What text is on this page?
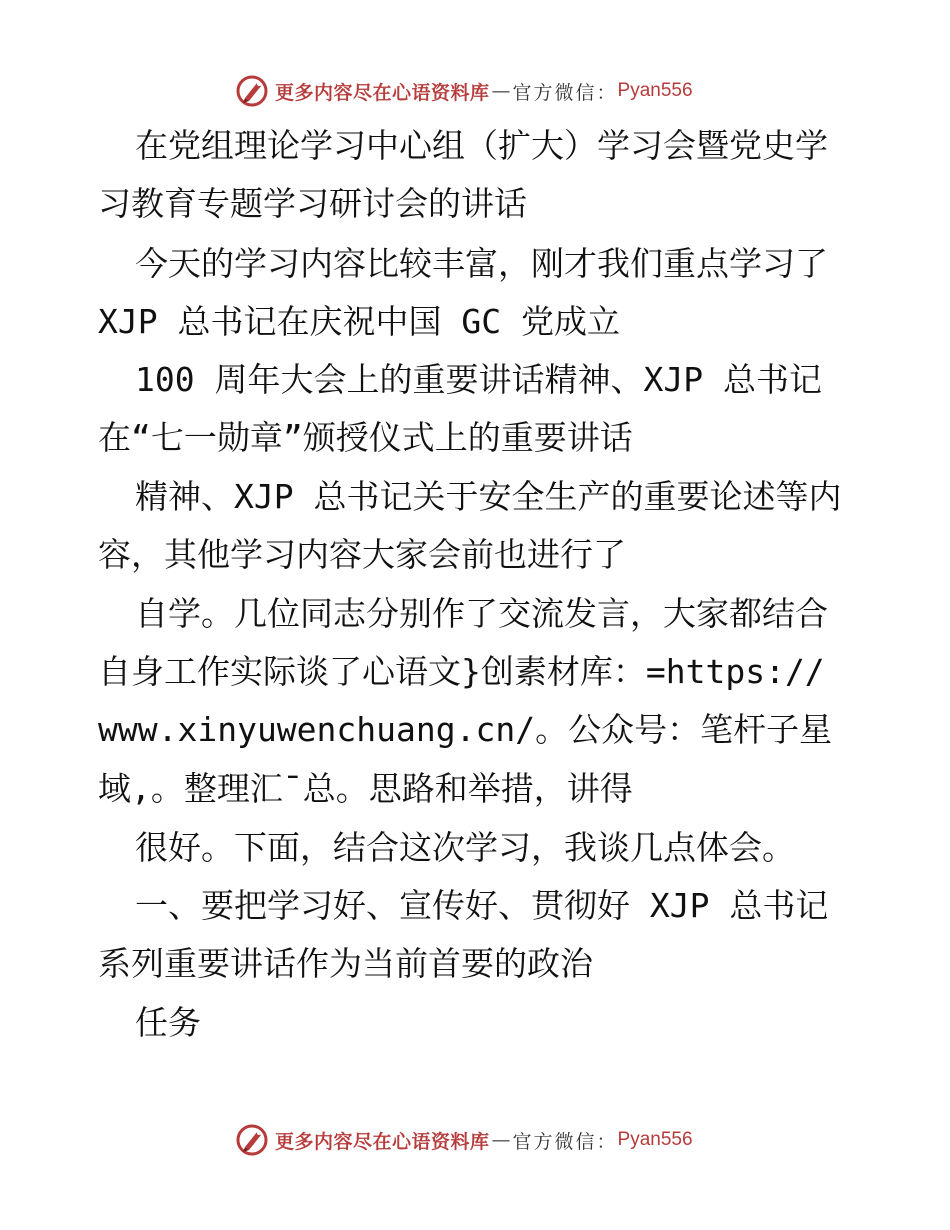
更多内容尽在心语资料库 — 官方微信： Pyan556
在党组理论学习中心组（扩大）学习会暨党史学
习教育专题学习研讨会的讲话
今天的学习内容比较丰富，刚才我们重点学习了
XJP 总书记在庆祝中国 GC 党成立
100 周年大会上的重要讲话精神、XJP 总书记
在“七一勋章”颁授仪式上的重要讲话
精神、XJP 总书记关于安全生产的重要论述等内
容，其他学习内容大家会前也进行了
自学。几位同志分别作了交流发言，大家都结合
自身工作实际谈了心语文}创素材库：=https://
www.xinyuwenchuang.cn/。公众号：笔杆子星
域,。整理汇¯总。思路和举措，讲得
很好。下面，结合这次学习，我谈几点体会。
一、要把学习好、宣传好、贯彻好 XJP 总书记
系列重要讲话作为当前首要的政治
任务
更多内容尽在心语资料库 — 官方微信： Pyan556
